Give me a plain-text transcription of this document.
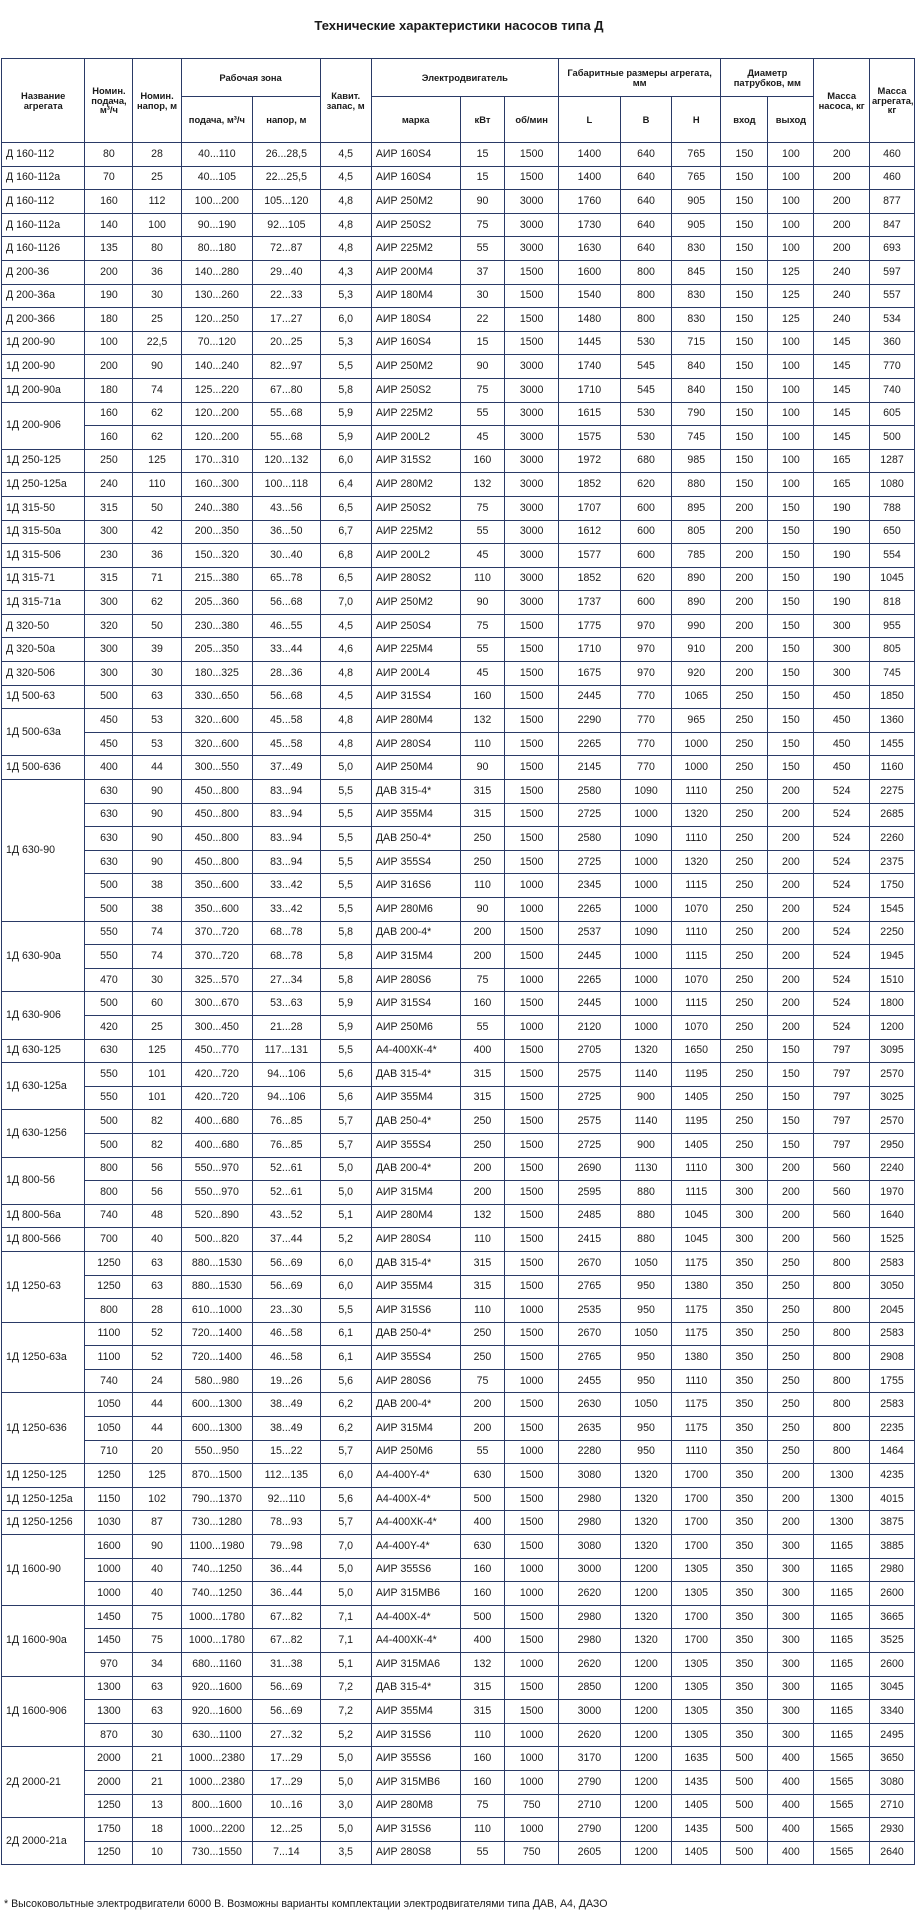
Технические характеристики насосов типа Д
Название агрегата	Номин. подача, м³/ч	Номин. напор, м	Рабочая зона		Кавит. запас, м	Электродвигатель			Габаритные размеры агрегата, мм			Диаметр патрубков, мм		Масса насоса, кг	Масса агрегата, кг
			подача, м³/ч	напор, м		марка	кВт	об/мин	L	B	H	вход	выход		
Д 160-112	80	28	40...110	26...28,5	4,5	АИР 160S4	15	1500	1400	640	765	150	100	200	460
Д 160-112а	70	25	40...105	22...25,5	4,5	АИР 160S4	15	1500	1400	640	765	150	100	200	460
Д 160-112	160	112	100...200	105...120	4,8	АИР 250М2	90	3000	1760	640	905	150	100	200	877
Д 160-112а	140	100	90...190	92...105	4,8	АИР 250S2	75	3000	1730	640	905	150	100	200	847
Д 160-1126	135	80	80...180	72...87	4,8	АИР 225М2	55	3000	1630	640	830	150	100	200	693
Д 200-36	200	36	140...280	29...40	4,3	АИР 200М4	37	1500	1600	800	845	150	125	240	597
Д 200-36а	190	30	130...260	22...33	5,3	АИР 180М4	30	1500	1540	800	830	150	125	240	557
Д 200-366	180	25	120...250	17...27	6,0	АИР 180S4	22	1500	1480	800	830	150	125	240	534
1Д 200-90	100	22,5	70...120	20...25	5,3	АИР 160S4	15	1500	1445	530	715	150	100	145	360
1Д 200-90	200	90	140...240	82...97	5,5	АИР 250М2	90	3000	1740	545	840	150	100	145	770
1Д 200-90а	180	74	125...220	67...80	5,8	АИР 250S2	75	3000	1710	545	840	150	100	145	740
1Д 200-906	160	62	120...200	55...68	5,9	АИР 225М2	55	3000	1615	530	790	150	100	145	605
	160	62	120...200	55...68	5,9	АИР 200L2	45	3000	1575	530	745	150	100	145	500
1Д 250-125	250	125	170...310	120...132	6,0	АИР 315S2	160	3000	1972	680	985	150	100	165	1287
1Д 250-125а	240	110	160...300	100...118	6,4	АИР 280М2	132	3000	1852	620	880	150	100	165	1080
1Д 315-50	315	50	240...380	43...56	6,5	АИР 250S2	75	3000	1707	600	895	200	150	190	788
1Д 315-50а	300	42	200...350	36...50	6,7	АИР 225М2	55	3000	1612	600	805	200	150	190	650
1Д 315-506	230	36	150...320	30...40	6,8	АИР 200L2	45	3000	1577	600	785	200	150	190	554
1Д 315-71	315	71	215...380	65...78	6,5	АИР 280S2	110	3000	1852	620	890	200	150	190	1045
1Д 315-71а	300	62	205...360	56...68	7,0	АИР 250М2	90	3000	1737	600	890	200	150	190	818
Д 320-50	320	50	230...380	46...55	4,5	АИР 250S4	75	1500	1775	970	990	200	150	300	955
Д 320-50а	300	39	205...350	33...44	4,6	АИР 225М4	55	1500	1710	970	910	200	150	300	805
Д 320-506	300	30	180...325	28...36	4,8	АИР 200L4	45	1500	1675	970	920	200	150	300	745
1Д 500-63	500	63	330...650	56...68	4,5	АИР 315S4	160	1500	2445	770	1065	250	150	450	1850
1Д 500-63а	450	53	320...600	45...58	4,8	АИР 280М4	132	1500	2290	770	965	250	150	450	1360
	450	53	320...600	45...58	4,8	АИР 280S4	110	1500	2265	770	1000	250	150	450	1455
1Д 500-636	400	44	300...550	37...49	5,0	АИР 250М4	90	1500	2145	770	1000	250	150	450	1160
1Д 630-90	630	90	450...800	83...94	5,5	ДАВ 315-4*	315	1500	2580	1090	1110	250	200	524	2275
	630	90	450...800	83...94	5,5	АИР 355М4	315	1500	2725	1000	1320	250	200	524	2685
	630	90	450...800	83...94	5,5	ДАВ 250-4*	250	1500	2580	1090	1110	250	200	524	2260
	630	90	450...800	83...94	5,5	АИР 355S4	250	1500	2725	1000	1320	250	200	524	2375
	500	38	350...600	33...42	5,5	АИР 316S6	110	1000	2345	1000	1115	250	200	524	1750
	500	38	350...600	33...42	5,5	АИР 280М6	90	1000	2265	1000	1070	250	200	524	1545
1Д 630-90а	550	74	370...720	68...78	5,8	ДАВ 200-4*	200	1500	2537	1090	1110	250	200	524	2250
	550	74	370...720	68...78	5,8	АИР 315М4	200	1500	2445	1000	1115	250	200	524	1945
	470	30	325...570	27...34	5,8	АИР 280S6	75	1000	2265	1000	1070	250	200	524	1510
1Д 630-906	500	60	300...670	53...63	5,9	АИР 315S4	160	1500	2445	1000	1115	250	200	524	1800
	420	25	300...450	21...28	5,9	АИР 250М6	55	1000	2120	1000	1070	250	200	524	1200
1Д 630-125	630	125	450...770	117...131	5,5	А4-400ХК-4*	400	1500	2705	1320	1650	250	150	797	3095
1Д 630-125а	550	101	420...720	94...106	5,6	ДАВ 315-4*	315	1500	2575	1140	1195	250	150	797	2570
	550	101	420...720	94...106	5,6	АИР 355М4	315	1500	2725	900	1405	250	150	797	3025
1Д 630-1256	500	82	400...680	76...85	5,7	ДАВ 250-4*	250	1500	2575	1140	1195	250	150	797	2570
	500	82	400...680	76...85	5,7	АИР 355S4	250	1500	2725	900	1405	250	150	797	2950
1Д 800-56	800	56	550...970	52...61	5,0	ДАВ 200-4*	200	1500	2690	1130	1110	300	200	560	2240
	800	56	550...970	52...61	5,0	АИР 315М4	200	1500	2595	880	1115	300	200	560	1970
1Д 800-56а	740	48	520...890	43...52	5,1	АИР 280М4	132	1500	2485	880	1045	300	200	560	1640
1Д 800-566	700	40	500...820	37...44	5,2	АИР 280S4	110	1500	2415	880	1045	300	200	560	1525
1Д 1250-63	1250	63	880...1530	56...69	6,0	ДАВ 315-4*	315	1500	2670	1050	1175	350	250	800	2583
	1250	63	880...1530	56...69	6,0	АИР 355М4	315	1500	2765	950	1380	350	250	800	3050
	800	28	610...1000	23...30	5,5	АИР 315S6	110	1000	2535	950	1175	350	250	800	2045
1Д 1250-63а	1100	52	720...1400	46...58	6,1	ДАВ 250-4*	250	1500	2670	1050	1175	350	250	800	2583
	1100	52	720...1400	46...58	6,1	АИР 355S4	250	1500	2765	950	1380	350	250	800	2908
	740	24	580...980	19...26	5,6	АИР 280S6	75	1000	2455	950	1110	350	250	800	1755
1Д 1250-636	1050	44	600...1300	38...49	6,2	ДАВ 200-4*	200	1500	2630	1050	1175	350	250	800	2583
	1050	44	600...1300	38...49	6,2	АИР 315М4	200	1500	2635	950	1175	350	250	800	2235
	710	20	550...950	15...22	5,7	АИР 250М6	55	1000	2280	950	1110	350	250	800	1464
1Д 1250-125	1250	125	870...1500	112...135	6,0	А4-400Y-4*	630	1500	3080	1320	1700	350	200	1300	4235
1Д 1250-125а	1150	102	790...1370	92...110	5,6	А4-400Х-4*	500	1500	2980	1320	1700	350	200	1300	4015
1Д 1250-1256	1030	87	730...1280	78...93	5,7	А4-400ХК-4*	400	1500	2980	1320	1700	350	200	1300	3875
1Д 1600-90	1600	90	1100...1980	79...98	7,0	А4-400Y-4*	630	1500	3080	1320	1700	350	300	1165	3885
	1000	40	740...1250	36...44	5,0	АИР 355S6	160	1000	3000	1200	1305	350	300	1165	2980
	1000	40	740...1250	36...44	5,0	АИР 315МВ6	160	1000	2620	1200	1305	350	300	1165	2600
1Д 1600-90а	1450	75	1000...1780	67...82	7,1	А4-400Х-4*	500	1500	2980	1320	1700	350	300	1165	3665
	1450	75	1000...1780	67...82	7,1	А4-400ХК-4*	400	1500	2980	1320	1700	350	300	1165	3525
	970	34	680...1160	31...38	5,1	АИР 315МА6	132	1000	2620	1200	1305	350	300	1165	2600
1Д 1600-906	1300	63	920...1600	56...69	7,2	ДАВ 315-4*	315	1500	2850	1200	1305	350	300	1165	3045
	1300	63	920...1600	56...69	7,2	АИР 355М4	315	1500	3000	1200	1305	350	300	1165	3340
	870	30	630...1100	27...32	5,2	АИР 315S6	110	1000	2620	1200	1305	350	300	1165	2495
2Д 2000-21	2000	21	1000...2380	17...29	5,0	АИР 355S6	160	1000	3170	1200	1635	500	400	1565	3650
	2000	21	1000...2380	17...29	5,0	АИР 315МВ6	160	1000	2790	1200	1435	500	400	1565	3080
	1250	13	800...1600	10...16	3,0	АИР 280М8	75	750	2710	1200	1405	500	400	1565	2710
2Д 2000-21а	1750	18	1000...2200	12...25	5,0	АИР 315S6	110	1000	2790	1200	1435	500	400	1565	2930
	1250	10	730...1550	7...14	3,5	АИР 280S8	55	750	2605	1200	1405	500	400	1565	2640
* Высоковольтные электродвигатели 6000 В. Возможны варианты комплектации электродвигателями типа ДАВ, А4, ДАЗО
